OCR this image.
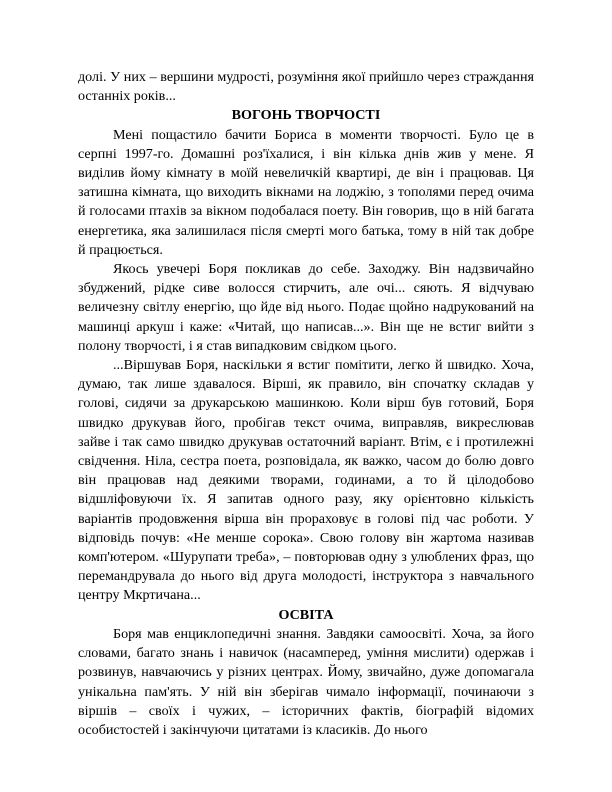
долі. У них – вершини мудрості, розуміння якої прийшло через страждання останніх років...

ВОГОНЬ ТВОРЧОСТІ

Мені пощастило бачити Бориса в моменти творчості. Було це в серпні 1997-го. Домашні роз'їхалися, і він кілька днів жив у мене. Я виділив йому кімнату в моїй невеличкій квартирі, де він і працював. Ця затишна кімната, що виходить вікнами на лоджію, з тополями перед очима й голосами птахів за вікном подобалася поету. Він говорив, що в ній багата енергетика, яка залишилася після смерті мого батька, тому в ній так добре й працюється.

Якось увечері Боря покликав до себе. Заходжу. Він надзвичайно збуджений, рідке сиве волосся стирчить, але очі... сяють. Я відчуваю величезну світлу енергію, що йде від нього. Подає щойно надрукований на машинці аркуш і каже: «Читай, що написав...». Він ще не встиг вийти з полону творчості, і я став випадковим свідком цього.

...Віршував Боря, наскільки я встиг помітити, легко й швидко. Хоча, думаю, так лише здавалося. Вірші, як правило, він спочатку складав у голові, сидячи за друкарською машинкою. Коли вірш був готовий, Боря швидко друкував його, пробігав текст очима, виправляв, викреслював зайве і так само швидко друкував остаточний варіант. Втім, є і протилежні свідчення. Ніла, сестра поета, розповідала, як важко, часом до болю довго він працював над деякими творами, годинами, а то й цілодобово відшліфовуючи їх. Я запитав одного разу, яку орієнтовно кількість варіантів продовження вірша він прораховує в голові під час роботи. У відповідь почув: «Не менше сорока». Свою голову він жартома називав комп'ютером. «Шурупати треба», – повторював одну з улюблених фраз, що перемандрувала до нього від друга молодості, інструктора з навчального центру Мкртичана...

ОСВІТА

Боря мав енциклопедичні знання. Завдяки самоосвіті. Хоча, за його словами, багато знань і навичок (насамперед, уміння мислити) одержав і розвинув, навчаючись у різних центрах. Йому, звичайно, дуже допомагала унікальна пам'ять. У ній він зберігав чимало інформації, починаючи з віршів – своїх і чужих, – історичних фактів, біографій відомих особистостей і закінчуючи цитатами із класиків. До нього
